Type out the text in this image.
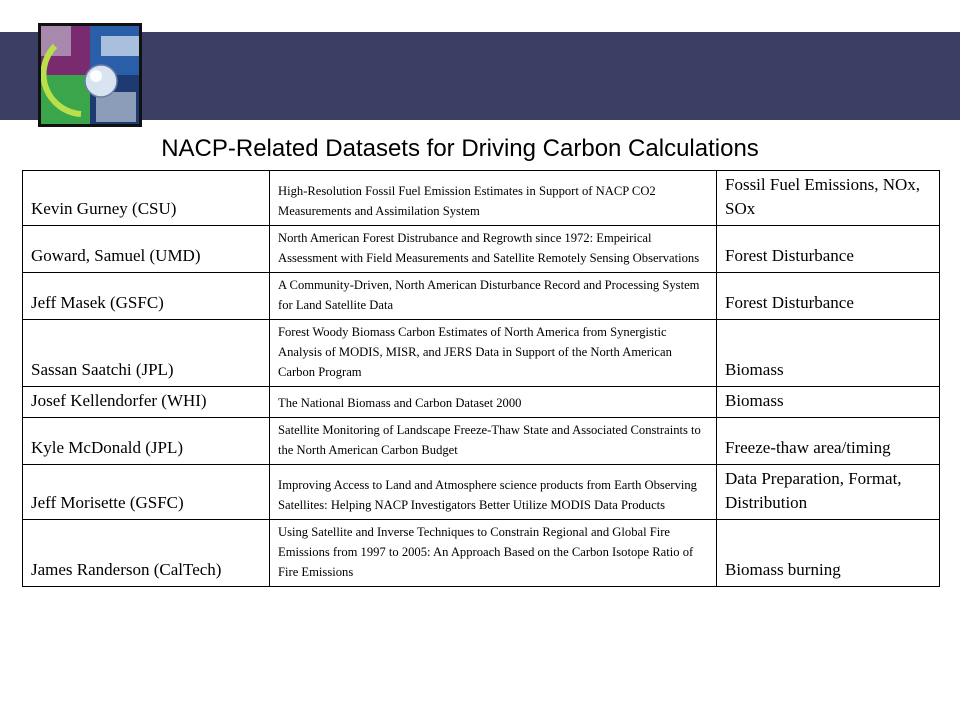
NACP-Related Datasets for Driving Carbon Calculations
Kevin Gurney (CSU)	High-Resolution Fossil Fuel Emission Estimates in Support of NACP CO2 Measurements and Assimilation System	Fossil Fuel Emissions, NOx, SOx
Goward, Samuel (UMD)	North American Forest Distrubance and Regrowth since 1972: Empeirical Assessment with Field Measurements and Satellite Remotely Sensing Observations	Forest Disturbance
Jeff Masek (GSFC)	A Community-Driven, North American Disturbance Record and Processing System for Land Satellite Data	Forest Disturbance
Sassan Saatchi (JPL)	Forest Woody Biomass Carbon Estimates of North America from Synergistic Analysis of MODIS, MISR, and JERS Data in Support of the North American Carbon Program	Biomass
Josef Kellendorfer (WHI)	The National Biomass and Carbon Dataset 2000	Biomass
Kyle McDonald (JPL)	Satellite Monitoring of Landscape Freeze-Thaw State and Associated Constraints to the North American Carbon Budget	Freeze-thaw area/timing
Jeff Morisette (GSFC)	Improving Access to Land and Atmosphere science products from Earth Observing Satellites: Helping NACP Investigators Better Utilize MODIS Data Products	Data Preparation, Format, Distribution
James Randerson (CalTech)	Using Satellite and Inverse Techniques to Constrain Regional and Global Fire Emissions from 1997 to 2005: An Approach Based on the Carbon Isotope Ratio of Fire Emissions	Biomass burning
